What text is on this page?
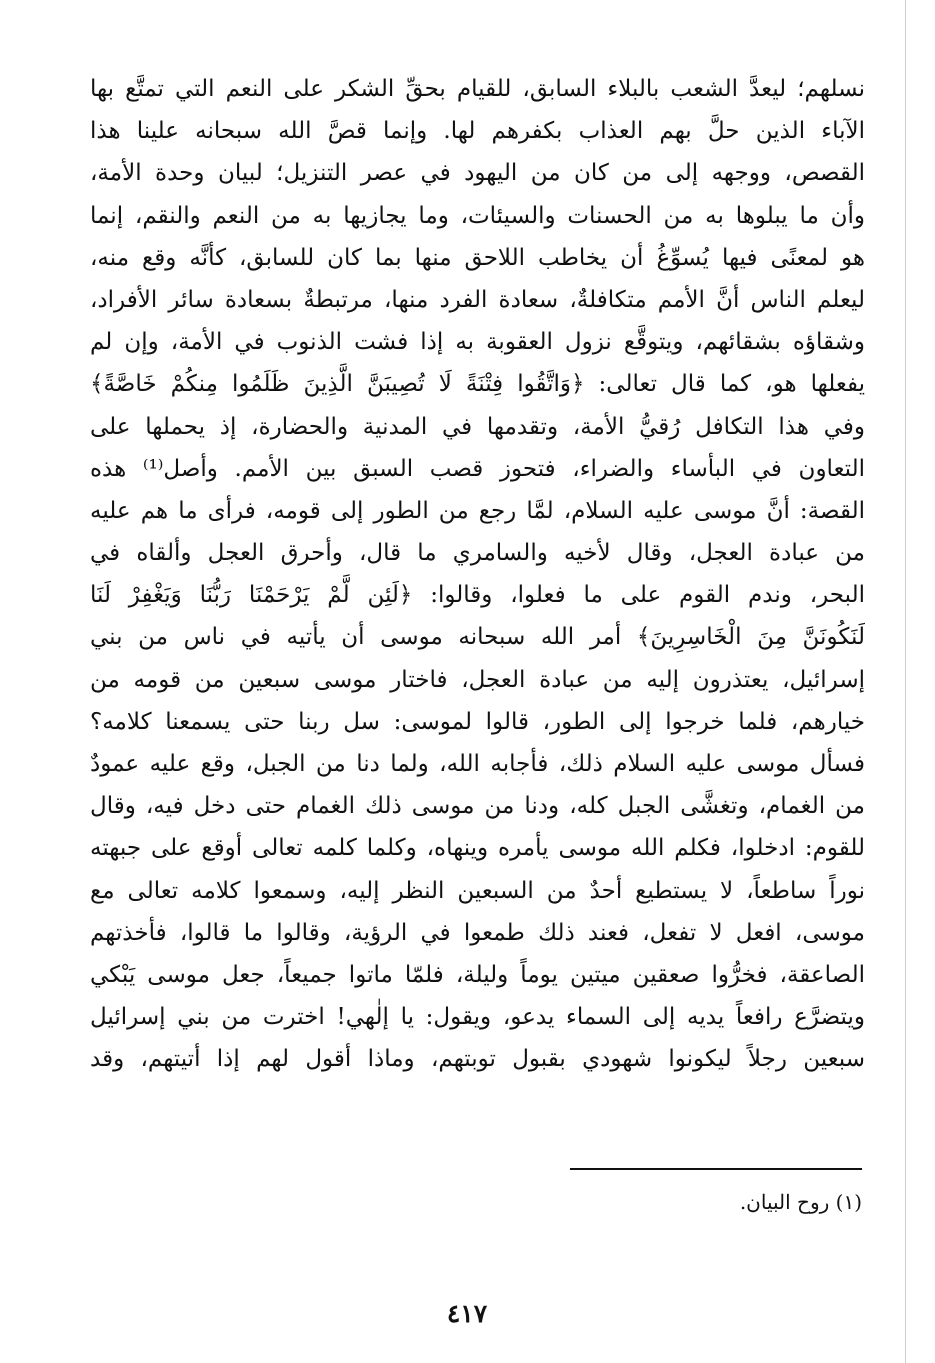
نسلهم؛ ليعدَّ الشعب بالبلاء السابق، للقيام بحقِّ الشكر على النعم التي تمتَّع بها
الآباء الذين حلَّ بهم العذاب بكفرهم لها. وإنما قصَّ الله سبحانه علينا هذا
القصص، ووجهه إلى من كان من اليهود في عصر التنزيل؛ لبيان وحدة الأمة،
وأن ما يبلوها به من الحسنات والسيئات، وما يجازيها به من النعم والنقم، إنما
هو لمعنًى فيها يُسوِّغُ أن يخاطب اللاحق منها بما كان للسابق، كأنَّه وقع منه،
ليعلم الناس أنَّ الأمم متكافلةٌ، سعادة الفرد منها، مرتبطةٌ بسعادة سائر الأفراد،
وشقاؤه بشقائهم، ويتوقَّع نزول العقوبة به إذا فشت الذنوب في الأمة، وإن لم
يفعلها هو، كما قال تعالى: ﴿وَاتَّقُوا فِتْنَةً لَا تُصِيبَنَّ الَّذِينَ ظَلَمُوا مِنكُمْ خَاصَّةً﴾
وفي هذا التكافل رُقيُّ الأمة، وتقدمها في المدنية والحضارة، إذ يحملها على
التعاون في البأساء والضراء، فتحوز قصب السبق بين الأمم. وأصل⁽¹⁾ هذه
القصة: أنَّ موسى عليه السلام، لمَّا رجع من الطور إلى قومه، فرأى ما هم عليه
من عبادة العجل، وقال لأخيه والسامري ما قال، وأحرق العجل وألقاه في
البحر، وندم القوم على ما فعلوا، وقالوا: ﴿لَئِن لَّمْ يَرْحَمْنَا رَبُّنَا وَيَغْفِرْ لَنَا
لَنَكُونَنَّ مِنَ الْخَاسِرِينَ﴾ أمر الله سبحانه موسى أن يأتيه في ناس من بني
إسرائيل، يعتذرون إليه من عبادة العجل، فاختار موسى سبعين من قومه من
خيارهم، فلما خرجوا إلى الطور، قالوا لموسى: سل ربنا حتى يسمعنا كلامه؟
فسأل موسى عليه السلام ذلك، فأجابه الله، ولما دنا من الجبل، وقع عليه عمودٌ
من الغمام، وتغشَّى الجبل كله، ودنا من موسى ذلك الغمام حتى دخل فيه، وقال
للقوم: ادخلوا، فكلم الله موسى يأمره وينهاه، وكلما كلمه تعالى أوقع على جبهته
نوراً ساطعاً، لا يستطيع أحدٌ من السبعين النظر إليه، وسمعوا كلامه تعالى مع
موسى، افعل لا تفعل، فعند ذلك طمعوا في الرؤية، وقالوا ما قالوا، فأخذتهم
الصاعقة، فخرُّوا صعقين ميتين يوماً وليلة، فلمّا ماتوا جميعاً، جعل موسى يَبْكي
ويتضرَّع رافعاً يديه إلى السماء يدعو، ويقول: يا إلٰهي! اخترت من بني إسرائيل
سبعين رجلاً ليكونوا شهودي بقبول توبتهم، وماذا أقول لهم إذا أتيتهم، وقد
(١) روح البيان.
٤١٧
